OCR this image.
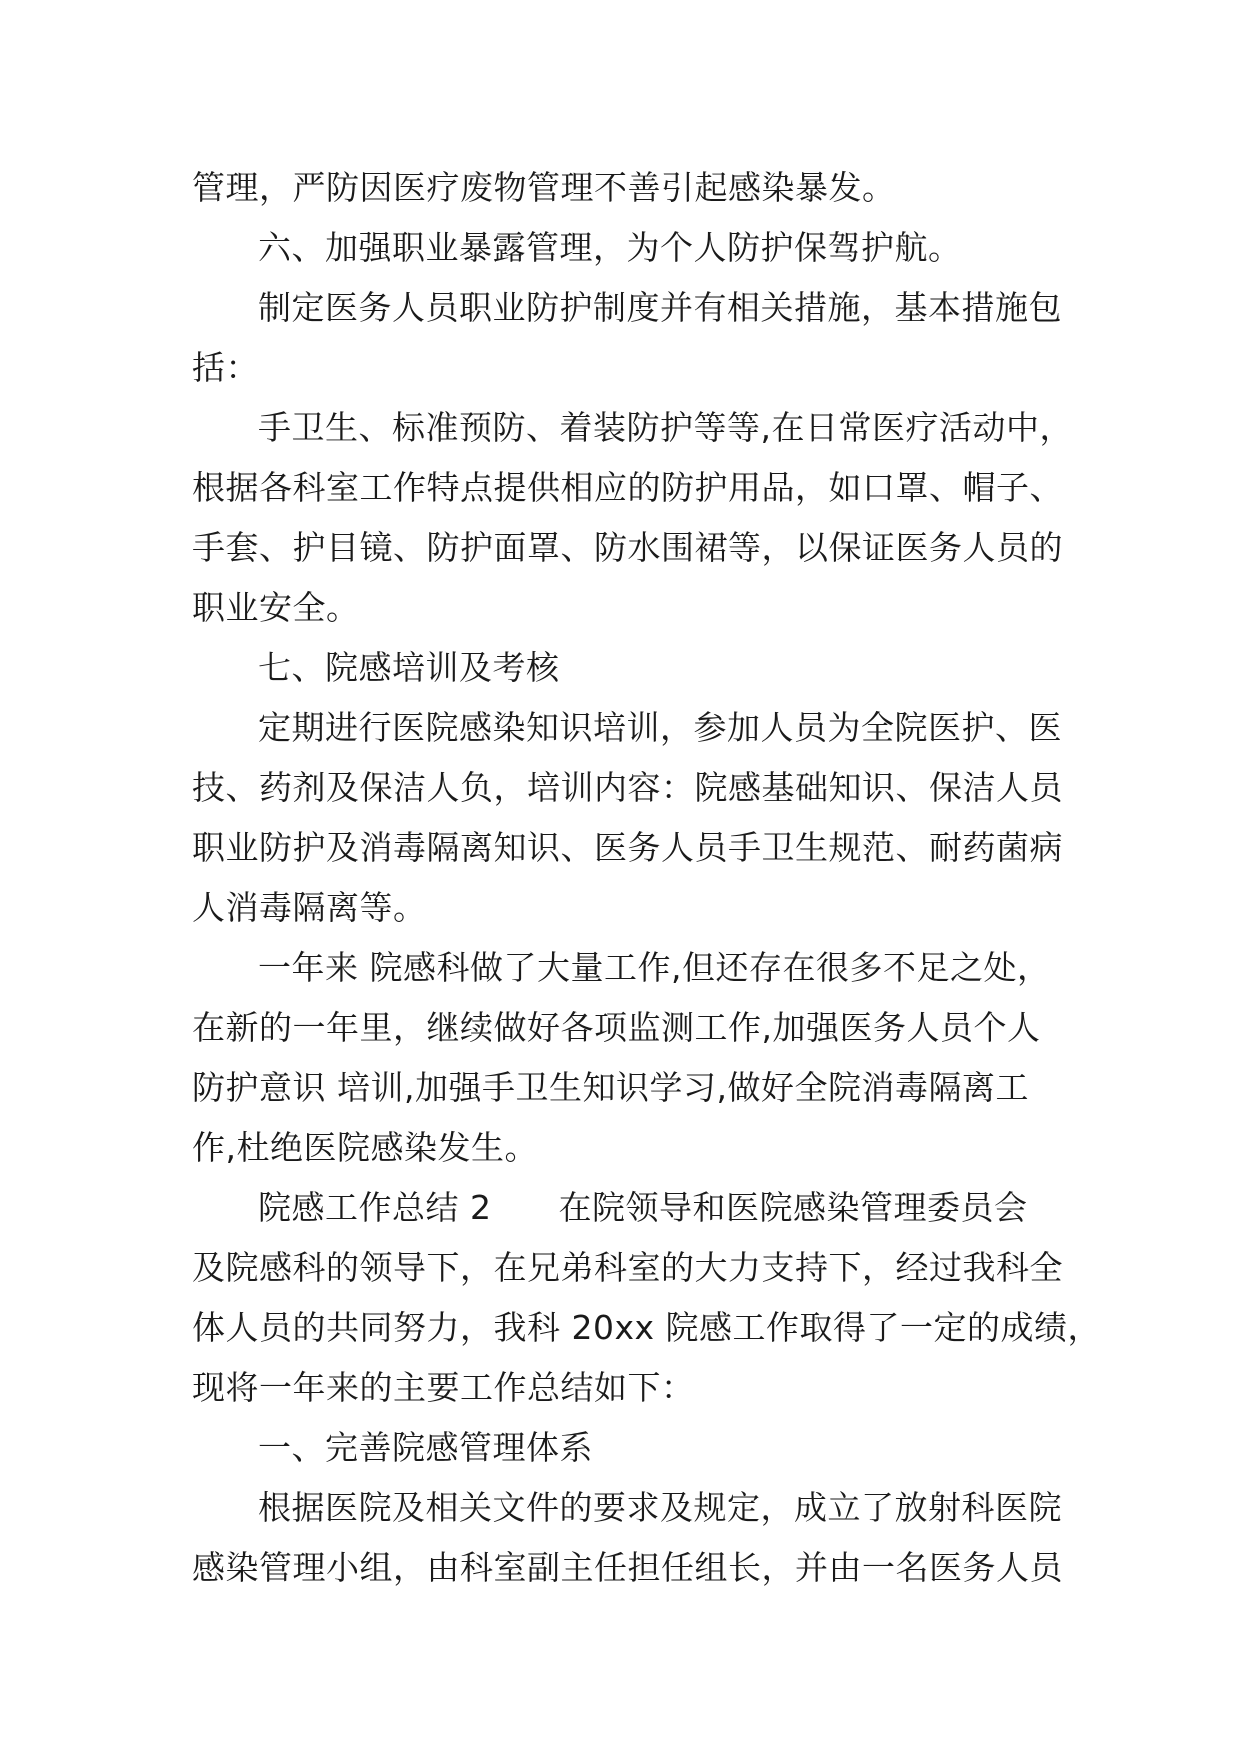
管理，严防因医疗废物管理不善引起感染暴发。
六、加强职业暴露管理，为个人防护保驾护航。
制定医务人员职业防护制度并有相关措施，基本措施包
括：
手卫生、标准预防、着装防护等等,在日常医疗活动中，
根据各科室工作特点提供相应的防护用品，如口罩、帽子、
手套、护目镜、防护面罩、防水围裙等，以保证医务人员的
职业安全。
七、院感培训及考核
定期进行医院感染知识培训，参加人员为全院医护、医
技、药剂及保洁人负，培训内容：院感基础知识、保洁人员
职业防护及消毒隔离知识、医务人员手卫生规范、耐药菌病
人消毒隔离等。
一年来 院感科做了大量工作,但还存在很多不足之处，
在新的一年里，继续做好各项监测工作,加强医务人员个人
防护意识 培训,加强手卫生知识学习,做好全院消毒隔离工
作,杜绝医院感染发生。
院感工作总结 2　　在院领导和医院感染管理委员会
及院感科的领导下，在兄弟科室的大力支持下，经过我科全
体人员的共同努力，我科 20xx 院感工作取得了一定的成绩，
现将一年来的主要工作总结如下：
一、完善院感管理体系
根据医院及相关文件的要求及规定，成立了放射科医院
感染管理小组，由科室副主任担任组长，并由一名医务人员
